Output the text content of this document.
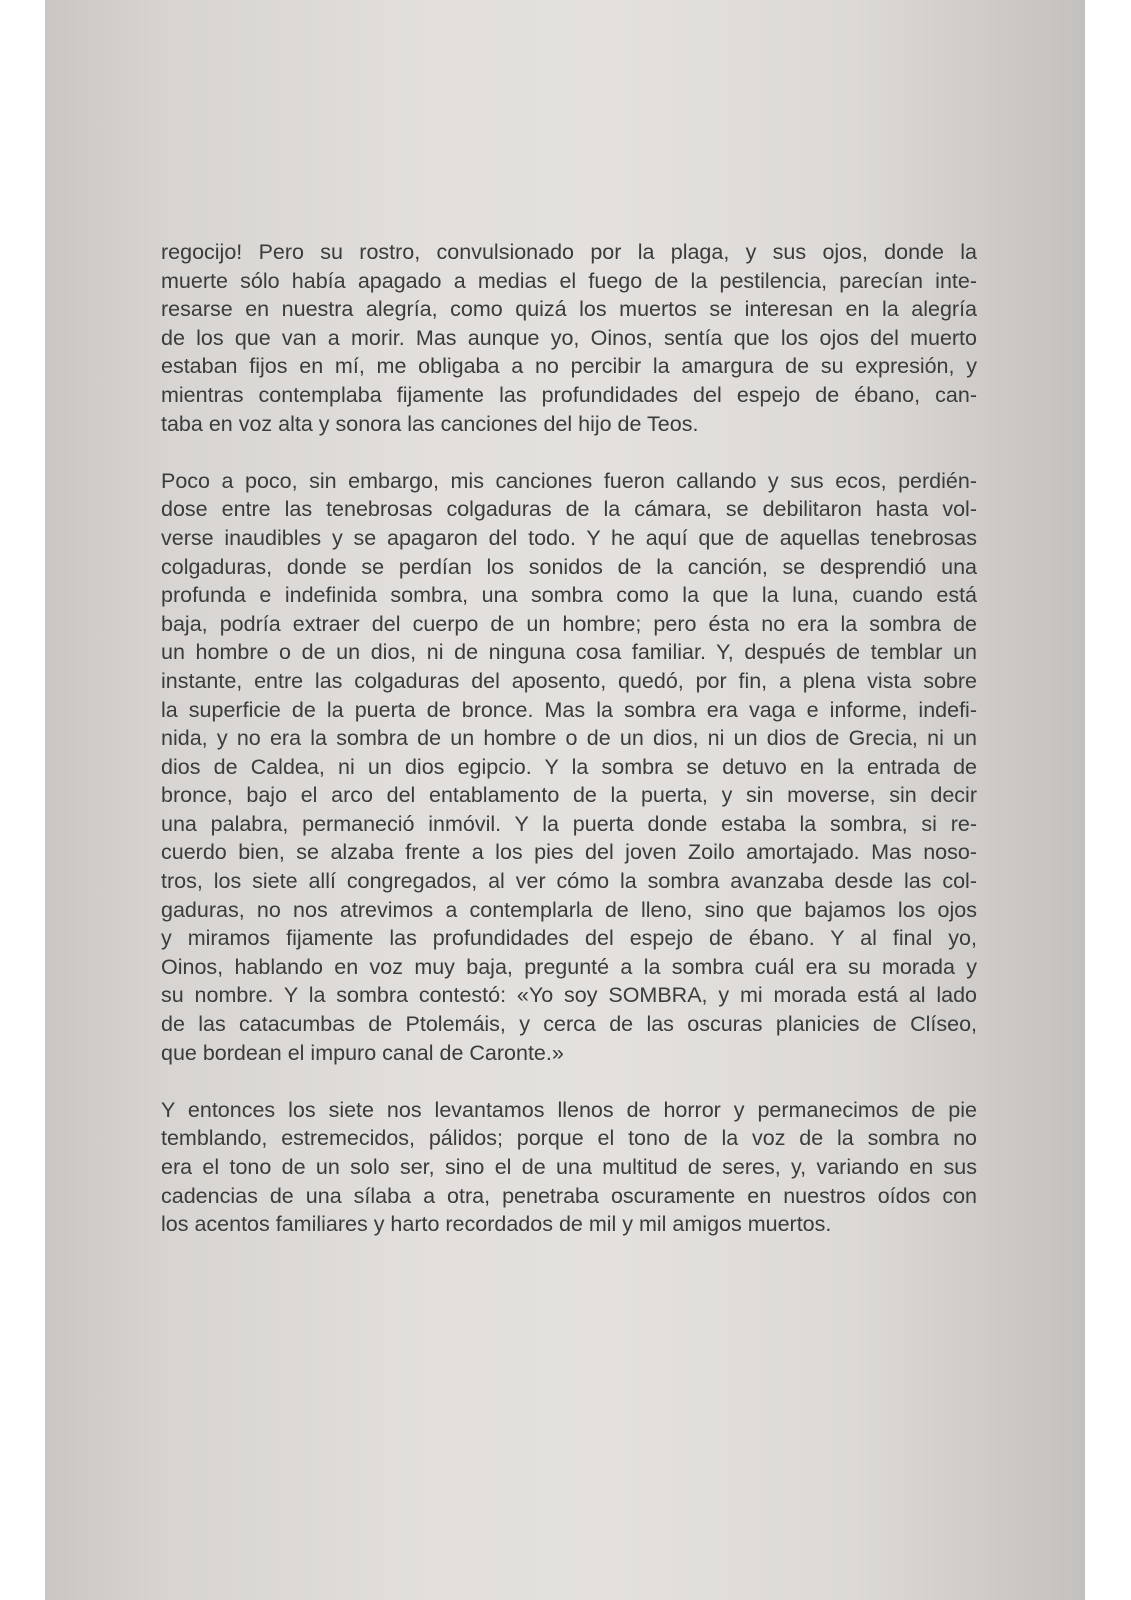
regocijo! Pero su rostro, convulsionado por la plaga, y sus ojos, donde la
muerte sólo había apagado a medias el fuego de la pestilencia, parecían inte-
resarse en nuestra alegría, como quizá los muertos se interesan en la alegría
de los que van a morir. Mas aunque yo, Oinos, sentía que los ojos del muerto
estaban fijos en mí, me obligaba a no percibir la amargura de su expresión, y
mientras contemplaba fijamente las profundidades del espejo de ébano, can-
taba en voz alta y sonora las canciones del hijo de Teos.

Poco a poco, sin embargo, mis canciones fueron callando y sus ecos, perdién-
dose entre las tenebrosas colgaduras de la cámara, se debilitaron hasta vol-
verse inaudibles y se apagaron del todo. Y he aquí que de aquellas tenebrosas
colgaduras, donde se perdían los sonidos de la canción, se desprendió una
profunda e indefinida sombra, una sombra como la que la luna, cuando está
baja, podría extraer del cuerpo de un hombre; pero ésta no era la sombra de
un hombre o de un dios, ni de ninguna cosa familiar. Y, después de temblar un
instante, entre las colgaduras del aposento, quedó, por fin, a plena vista sobre
la superficie de la puerta de bronce. Mas la sombra era vaga e informe, indefi-
nida, y no era la sombra de un hombre o de un dios, ni un dios de Grecia, ni un
dios de Caldea, ni un dios egipcio. Y la sombra se detuvo en la entrada de
bronce, bajo el arco del entablamento de la puerta, y sin moverse, sin decir
una palabra, permaneció inmóvil. Y la puerta donde estaba la sombra, si re-
cuerdo bien, se alzaba frente a los pies del joven Zoilo amortajado. Mas noso-
tros, los siete allí congregados, al ver cómo la sombra avanzaba desde las col-
gaduras, no nos atrevimos a contemplarla de lleno, sino que bajamos los ojos
y miramos fijamente las profundidades del espejo de ébano. Y al final yo,
Oinos, hablando en voz muy baja, pregunté a la sombra cuál era su morada y
su nombre. Y la sombra contestó: «Yo soy SOMBRA, y mi morada está al lado
de las catacumbas de Ptolemáis, y cerca de las oscuras planicies de Clíseo,
que bordean el impuro canal de Caronte.»

Y entonces los siete nos levantamos llenos de horror y permanecimos de pie
temblando, estremecidos, pálidos; porque el tono de la voz de la sombra no
era el tono de un solo ser, sino el de una multitud de seres, y, variando en sus
cadencias de una sílaba a otra, penetraba oscuramente en nuestros oídos con
los acentos familiares y harto recordados de mil y mil amigos muertos.
